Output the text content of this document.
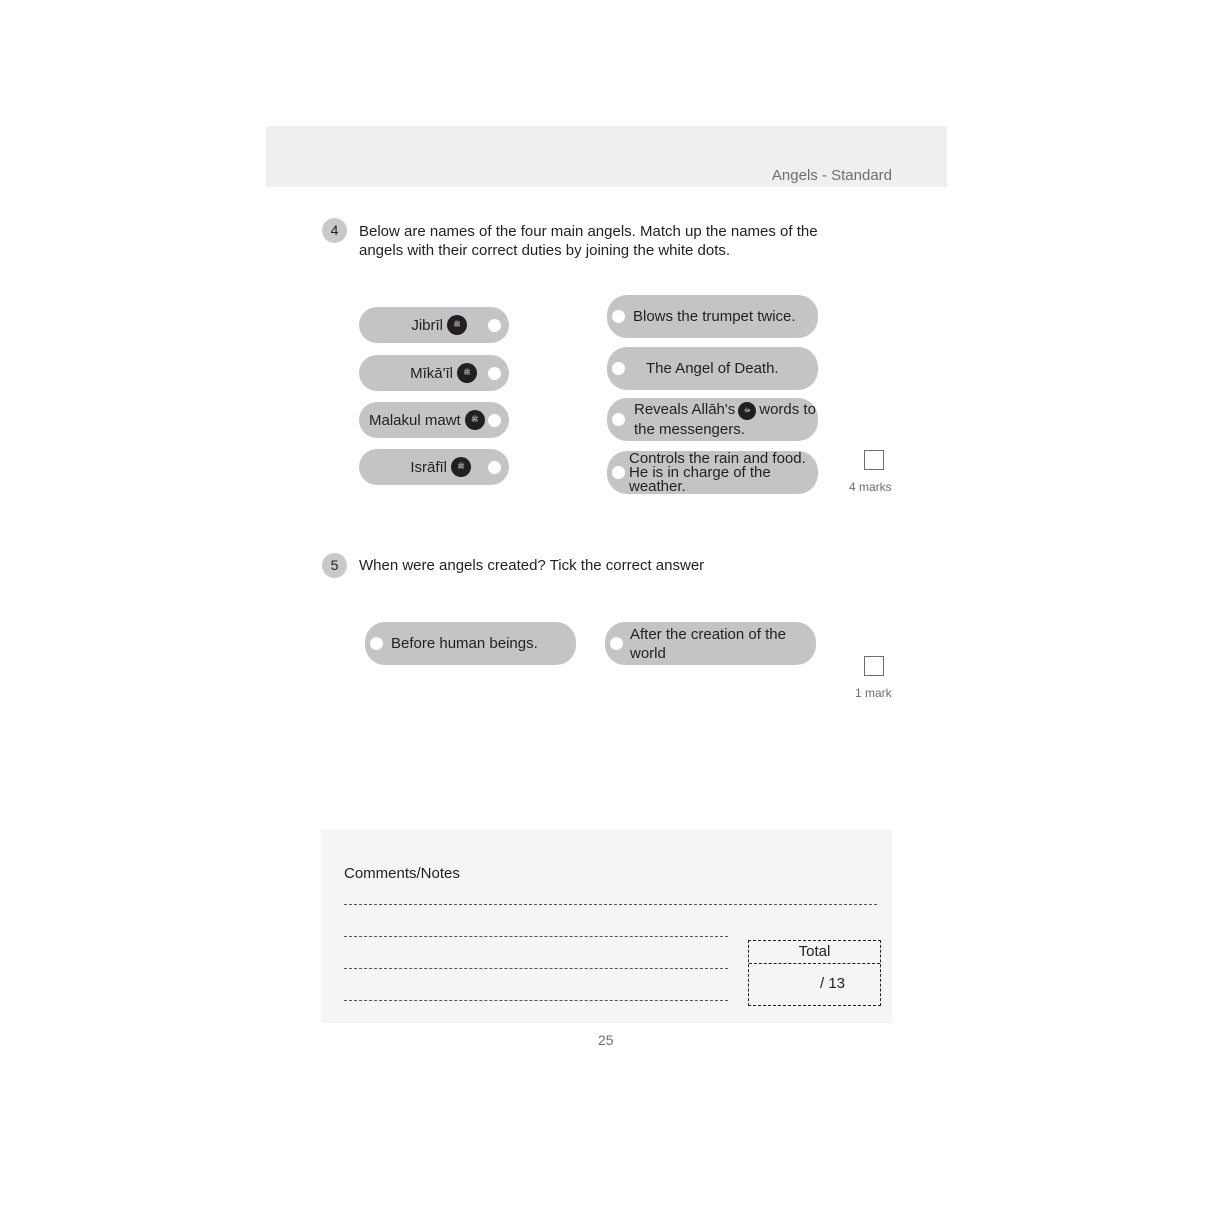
Angels - Standard
4	Below are names of the four main angels. Match up the names of the angels with their correct duties by joining the white dots.
Jibrīl	ﷺ
Mīkā'īl	ﷺ
Malakul mawt	ﷺ
Isrāfīl	ﷺ
Blows the trumpet twice.
The Angel of Death.
Reveals Allāh's ﷻ words to the messengers.
Controls the rain and food. He is in charge of the weather.	4 marks
5	When were angels created? Tick the correct answer
Before human beings.
After the creation of the world
1 mark
Comments/Notes
Total
/ 13
25
